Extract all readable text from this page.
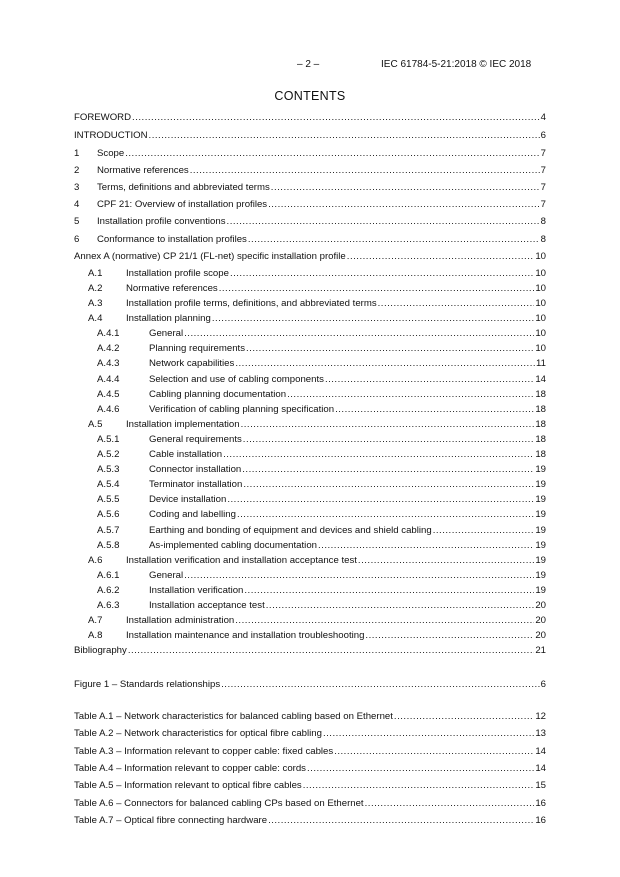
– 2 –	IEC 61784-5-21:2018 © IEC 2018
CONTENTS
FOREWORD .....	4
INTRODUCTION .....	6
1	Scope .....	7
2	Normative references .....	7
3	Terms, definitions and abbreviated terms .....	7
4	CPF 21: Overview of installation profiles .....	7
5	Installation profile conventions .....	8
6	Conformance to installation profiles .....	8
Annex A (normative) CP 21/1 (FL-net) specific installation profile .....	10
A.1	Installation profile scope .....	10
A.2	Normative references .....	10
A.3	Installation profile terms, definitions, and abbreviated terms .....	10
A.4	Installation planning .....	10
A.4.1	General .....	10
A.4.2	Planning requirements .....	10
A.4.3	Network capabilities .....	11
A.4.4	Selection and use of cabling components .....	14
A.4.5	Cabling planning documentation .....	18
A.4.6	Verification of cabling planning specification .....	18
A.5	Installation implementation .....	18
A.5.1	General requirements .....	18
A.5.2	Cable installation .....	18
A.5.3	Connector installation .....	19
A.5.4	Terminator installation .....	19
A.5.5	Device installation .....	19
A.5.6	Coding and labelling .....	19
A.5.7	Earthing and bonding of equipment and devices and shield cabling .....	19
A.5.8	As-implemented cabling documentation .....	19
A.6	Installation verification and installation acceptance test .....	19
A.6.1	General .....	19
A.6.2	Installation verification .....	19
A.6.3	Installation acceptance test .....	20
A.7	Installation administration .....	20
A.8	Installation maintenance and installation troubleshooting .....	20
Bibliography .....	21
Figure 1 – Standards relationships .....	6
Table A.1 – Network characteristics for balanced cabling based on Ethernet .....	12
Table A.2 – Network characteristics for optical fibre cabling .....	13
Table A.3 – Information relevant to copper cable: fixed cables .....	14
Table A.4 – Information relevant to copper cable: cords .....	14
Table A.5 – Information relevant to optical fibre cables .....	15
Table A.6 – Connectors for balanced cabling CPs based on Ethernet .....	16
Table A.7 – Optical fibre connecting hardware .....	16
